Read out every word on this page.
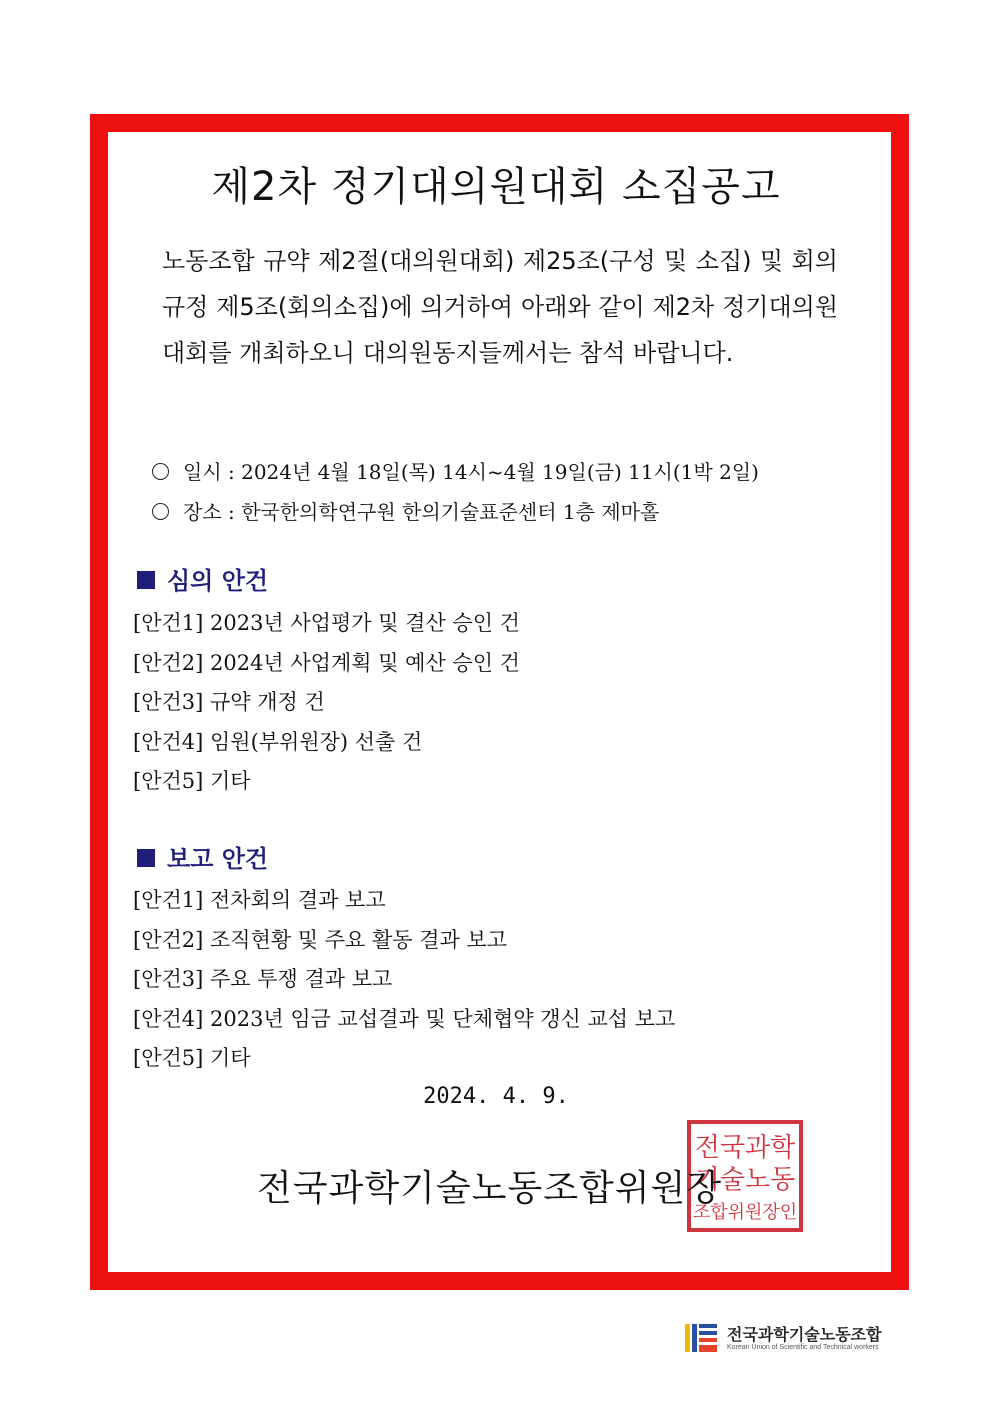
제2차 정기대의원대회 소집공고
노동조합 규약 제2절(대의원대회) 제25조(구성 및 소집) 및 회의규정 제5조(회의소집)에 의거하여 아래와 같이 제2차 정기대의원대회를 개최하오니 대의원동지들께서는 참석 바랍니다.
일시 : 2024년 4월 18일(목) 14시~4월 19일(금) 11시(1박 2일)
장소 : 한국한의학연구원 한의기술표준센터 1층 제마홀
심의 안건
[안건1] 2023년 사업평가 및 결산 승인 건
[안건2] 2024년 사업계획 및 예산 승인 건
[안건3] 규약 개정 건
[안건4] 임원(부위원장) 선출 건
[안건5] 기타
보고 안건
[안건1] 전차회의 결과 보고
[안건2] 조직현황 및 주요 활동 결과 보고
[안건3] 주요 투쟁 결과 보고
[안건4] 2023년 임금 교섭결과 및 단체협약 갱신 교섭 보고
[안건5] 기타
2024. 4. 9.
전국과학
기술노동
조합위원장인
전국과학기술노동조합위원장
전국과학기술노동조합
Korean Union of Scientific and Technical workers
